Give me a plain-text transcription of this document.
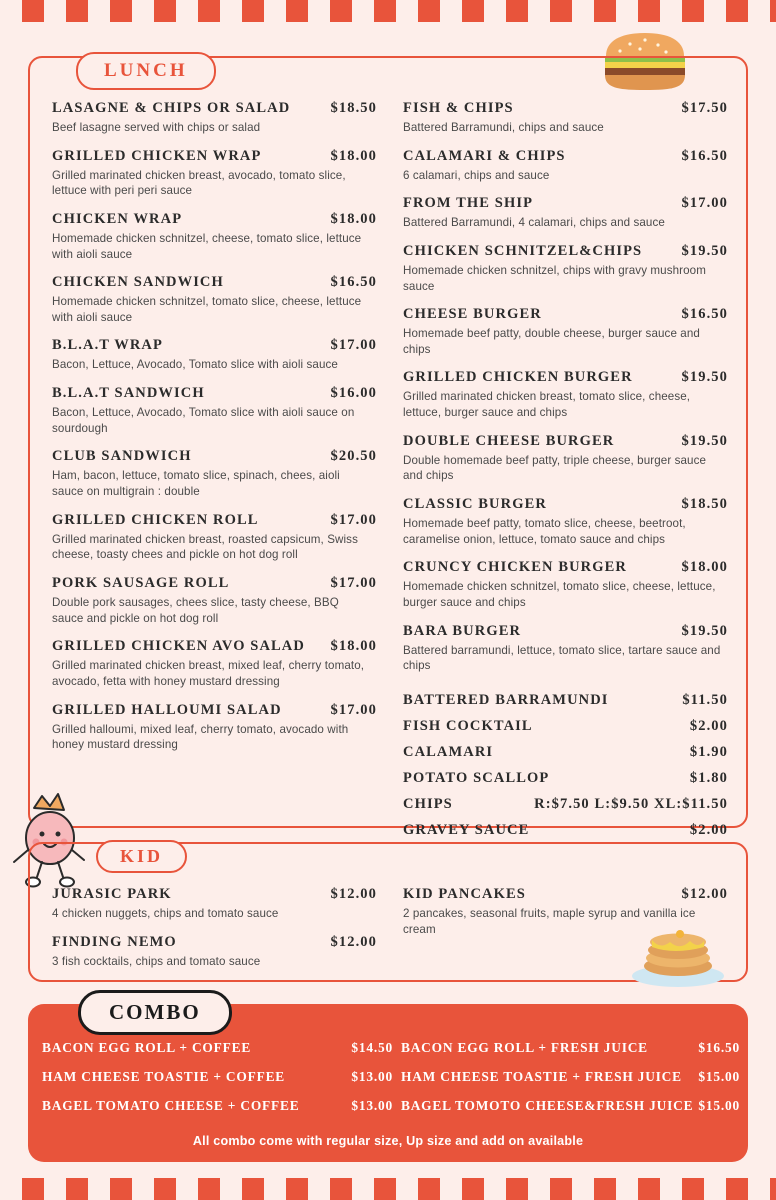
LUNCH
LASAGNE & CHIPS OR SALAD	$18.50
Beef lasagne served with chips or salad
GRILLED CHICKEN WRAP	$18.00
Grilled marinated chicken breast, avocado, tomato slice, lettuce with peri peri sauce
CHICKEN WRAP	$18.00
Homemade chicken schnitzel, cheese, tomato slice, lettuce with aioli sauce
CHICKEN SANDWICH	$16.50
Homemade chicken schnitzel, tomato slice, cheese, lettuce with aioli sauce
B.L.A.T WRAP	$17.00
Bacon, Lettuce, Avocado, Tomato slice with aioli sauce
B.L.A.T SANDWICH	$16.00
Bacon, Lettuce, Avocado, Tomato slice with aioli sauce on sourdough
CLUB SANDWICH	$20.50
Ham, bacon, lettuce, tomato slice, spinach, chees, aioli sauce on multigrain : double
GRILLED CHICKEN ROLL	$17.00
Grilled marinated chicken breast, roasted capsicum, Swiss cheese, toasty chees and pickle on hot dog roll
PORK SAUSAGE ROLL	$17.00
Double pork sausages, chees slice, tasty cheese, BBQ sauce and pickle on hot dog roll
GRILLED CHICKEN AVO SALAD	$18.00
Grilled marinated chicken breast, mixed leaf, cherry tomato, avocado, fetta with honey mustard dressing
GRILLED HALLOUMI SALAD	$17.00
Grilled halloumi, mixed leaf, cherry tomato, avocado with honey mustard dressing
FISH & CHIPS	$17.50
Battered Barramundi, chips and sauce
CALAMARI & CHIPS	$16.50
6 calamari, chips and sauce
FROM THE SHIP	$17.00
Battered Barramundi, 4 calamari, chips and sauce
CHICKEN SCHNITZEL&CHIPS	$19.50
Homemade chicken schnitzel, chips with gravy mushroom sauce
CHEESE BURGER	$16.50
Homemade beef patty, double cheese, burger sauce and chips
GRILLED CHICKEN BURGER	$19.50
Grilled marinated chicken breast, tomato slice, cheese, lettuce, burger sauce and chips
DOUBLE CHEESE BURGER	$19.50
Double homemade beef patty, triple cheese, burger sauce and chips
CLASSIC BURGER	$18.50
Homemade beef patty, tomato slice, cheese, beetroot, caramelise onion, lettuce, tomato sauce and chips
CRUNCY CHICKEN BURGER	$18.00
Homemade chicken schnitzel, tomato slice, cheese, lettuce, burger sauce and chips
BARA BURGER	$19.50
Battered barramundi, lettuce, tomato slice, tartare sauce and chips
BATTERED BARRAMUNDI	$11.50
FISH COCKTAIL	$2.00
CALAMARI	$1.90
POTATO SCALLOP	$1.80
CHIPS	R:$7.50 L:$9.50 XL:$11.50
GRAVEY SAUCE	$2.00
KID
JURASIC PARK	$12.00
4 chicken nuggets, chips and tomato sauce
FINDING NEMO	$12.00
3 fish cocktails, chips and tomato sauce
KID PANCAKES	$12.00
2 pancakes, seasonal fruits, maple syrup and vanilla ice cream
COMBO
BACON EGG ROLL + COFFEE	$14.50 BACON EGG ROLL + FRESH JUICE	$16.50
HAM CHEESE TOASTIE + COFFEE	$13.00 HAM CHEESE TOASTIE + FRESH JUICE $15.00
BAGEL TOMATO CHEESE + COFFEE	$13.00 BAGEL TOMOTO CHEESE&FRESH JUICE $15.00
All combo come with regular size, Up size and add on available
